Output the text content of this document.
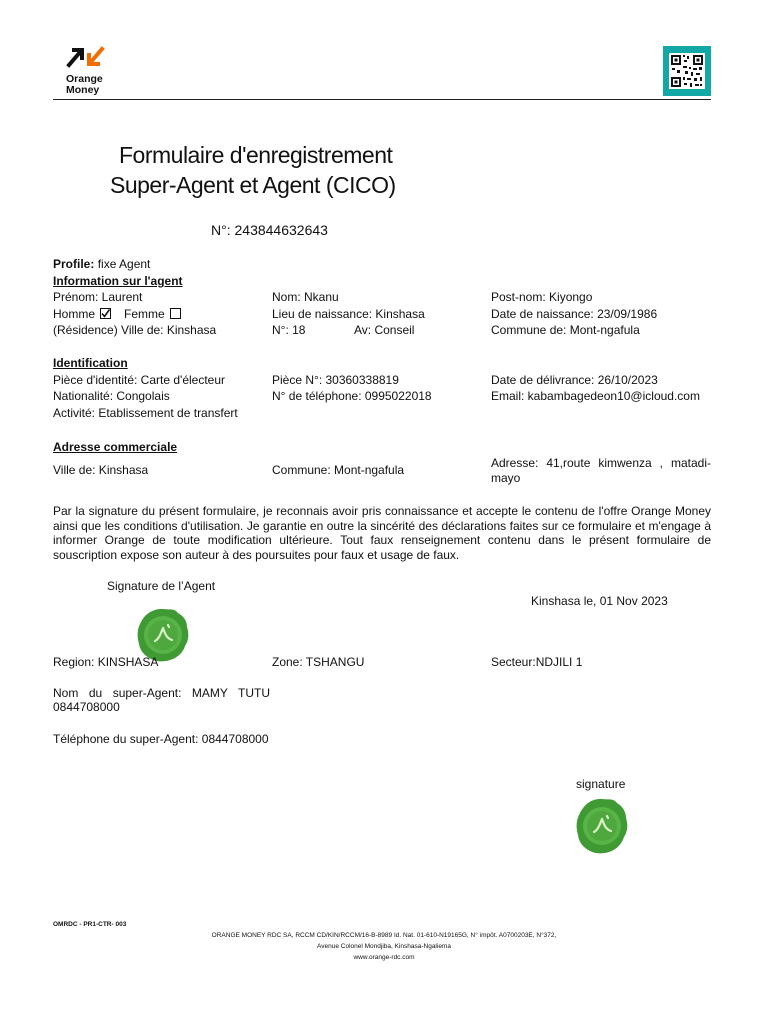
Orange
Money
Formulaire d'enregistrement
Super-Agent et Agent (CICO)
N°: 243844632643
Profile: fixe Agent
Information sur l'agent
Prénom: Laurent	Nom: Nkanu	Post-nom: Kiyongo
Homme Femme	Lieu de naissance: Kinshasa	Date de naissance: 23/09/1986
(Résidence) Ville de: Kinshasa	N°: 18	Av: Conseil	Commune de: Mont-ngafula
Identification
Pièce d'identité: Carte d'électeur	Pièce N°: 30360338819	Date de délivrance: 26/10/2023
Nationalité: Congolais	N° de téléphone: 0995022018	Email: kabambagedeon10@icloud.com
Activité: Etablissement de transfert
Adresse commerciale
Ville de: Kinshasa	Commune: Mont-ngafula	Adresse: 41,route kimwenza , matadi-
mayo
Par la signature du présent formulaire, je reconnais avoir pris connaissance et accepte le contenu de l'offre Orange Money ainsi que les conditions d'utilisation. Je garantie en outre la sincérité des déclarations faites sur ce formulaire et m'engage à informer Orange de toute modification ultérieure. Tout faux renseignement contenu dans le présent formulaire de souscription expose son auteur à des poursuites pour faux et usage de faux.
Signature de l’Agent
Kinshasa le, 01 Nov 2023
Region: KINSHASA	Zone: TSHANGU	Secteur:NDJILI 1
Nom du super-Agent: MAMY TUTU
0844708000
Téléphone du super-Agent: 0844708000
signature
OMRDC - PR1-CTR- 003
ORANGE MONEY RDC SA, RCCM CD/KIN/RCCM/16-B-8989 Id. Nat. 01-610-N19165G, N° impôt. A0700203E, N°372,
Avenue Colonel Mondjiba, Kinshasa-Ngaliema
www.orange-rdc.com
